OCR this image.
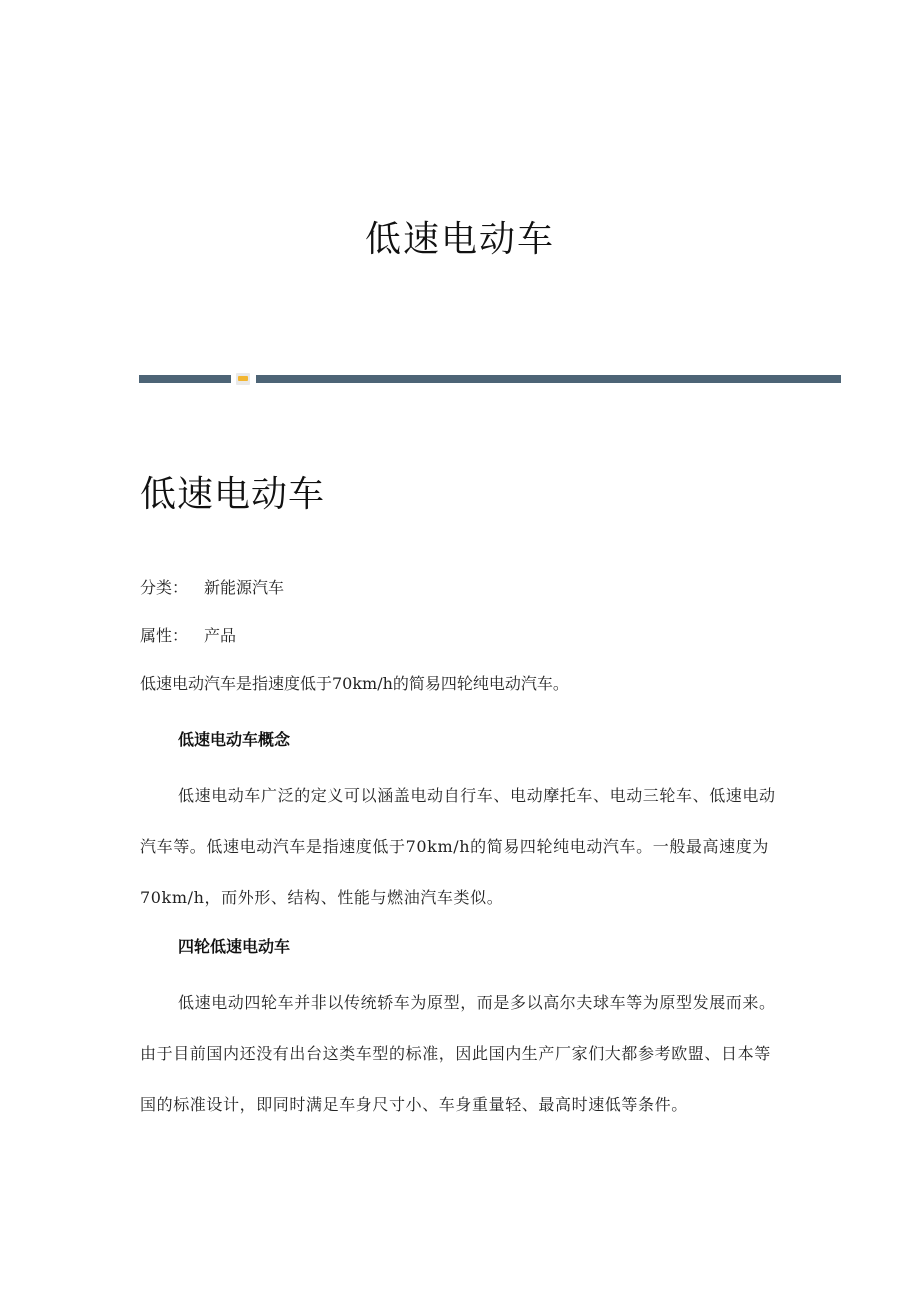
低速电动车
低速电动车
分类： 新能源汽车
属性： 产品
低速电动汽车是指速度低于70km/h的简易四轮纯电动汽车。
低速电动车概念
低速电动车广泛的定义可以涵盖电动自行车、电动摩托车、电动三轮车、低速电动汽车等。低速电动汽车是指速度低于70km/h的简易四轮纯电动汽车。一般最高速度为70km/h，而外形、结构、性能与燃油汽车类似。
四轮低速电动车
低速电动四轮车并非以传统轿车为原型，而是多以高尔夫球车等为原型发展而来。由于目前国内还没有出台这类车型的标准，因此国内生产厂家们大都参考欧盟、日本等国的标准设计，即同时满足车身尺寸小、车身重量轻、最高时速低等条件。
